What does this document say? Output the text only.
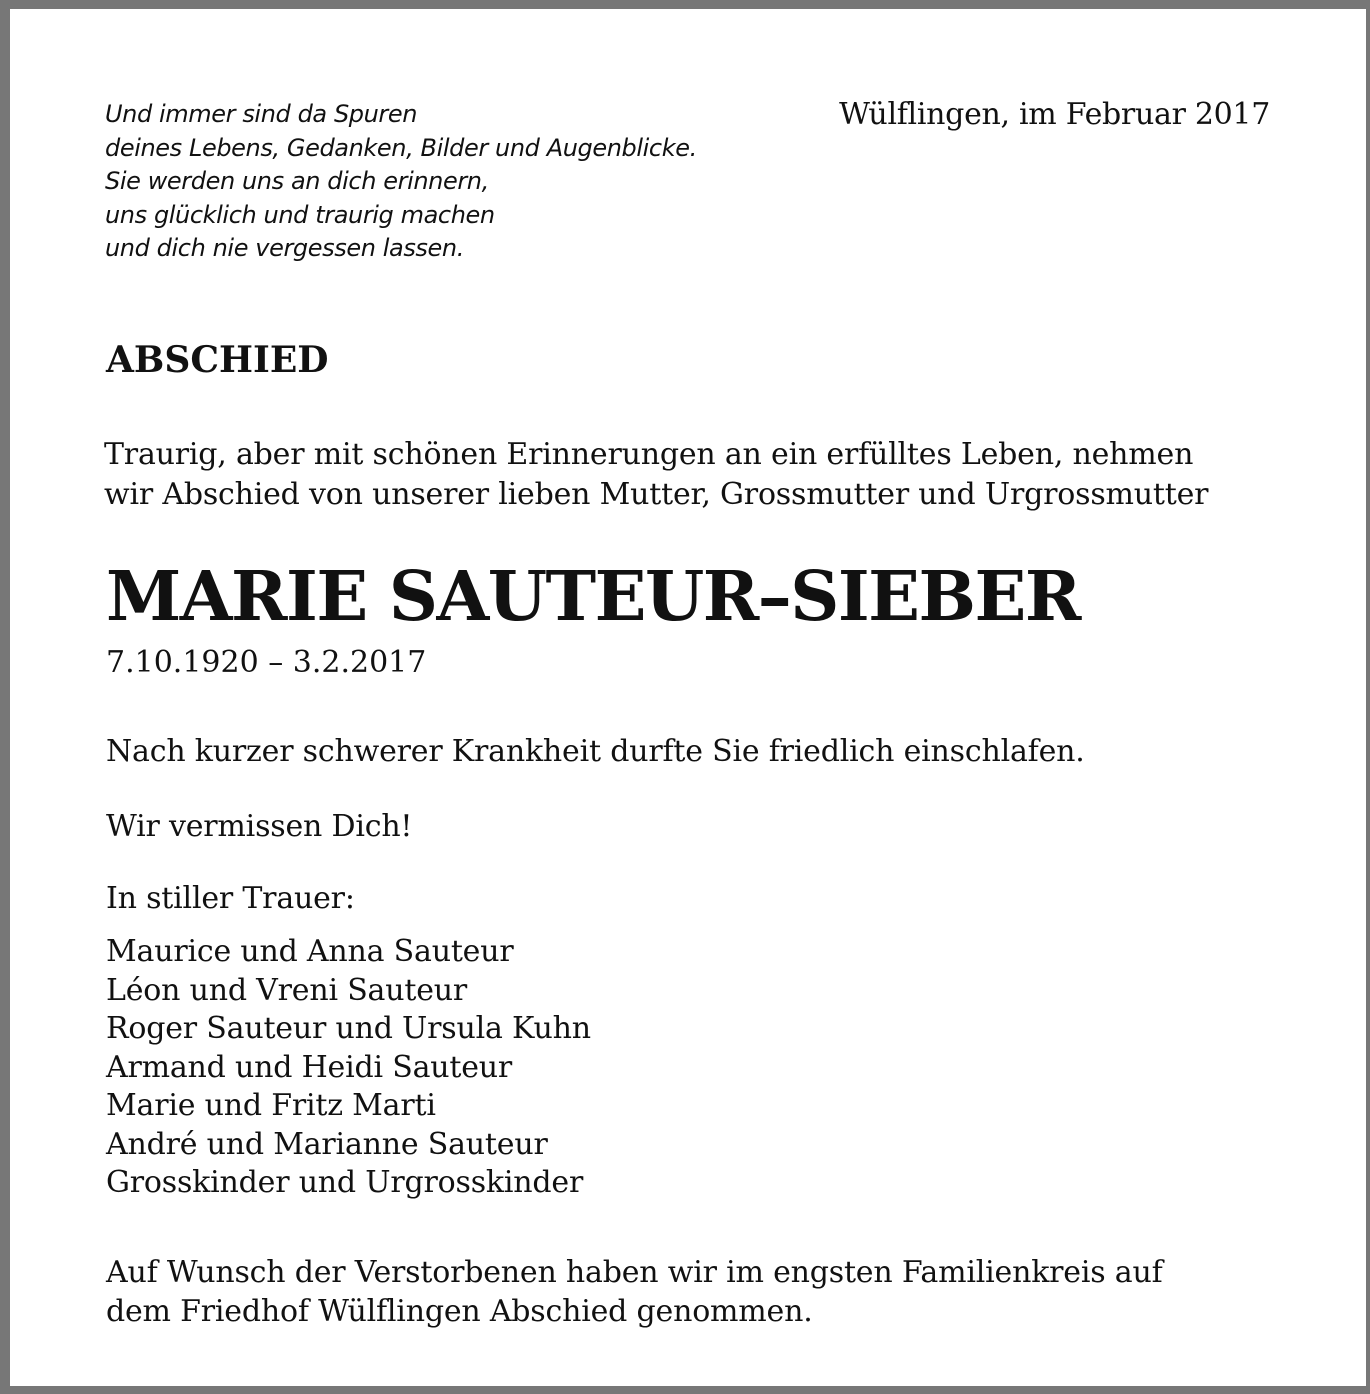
Und immer sind da Spuren
deines Lebens, Gedanken, Bilder und Augenblicke.
Sie werden uns an dich erinnern,
uns glücklich und traurig machen
und dich nie vergessen lassen.
Wülflingen, im Februar 2017
ABSCHIED
Traurig, aber mit schönen Erinnerungen an ein erfülltes Leben, nehmen
wir Abschied von unserer lieben Mutter, Grossmutter und Urgrossmutter
MARIE SAUTEUR–SIEBER
7.10.1920 – 3.2.2017
Nach kurzer schwerer Krankheit durfte Sie friedlich einschlafen.
Wir vermissen Dich!
In stiller Trauer:
Maurice und Anna Sauteur
Léon und Vreni Sauteur
Roger Sauteur und Ursula Kuhn
Armand und Heidi Sauteur
Marie und Fritz Marti
André und Marianne Sauteur
Grosskinder und Urgrosskinder
Auf Wunsch der Verstorbenen haben wir im engsten Familienkreis auf
dem Friedhof Wülflingen Abschied genommen.
